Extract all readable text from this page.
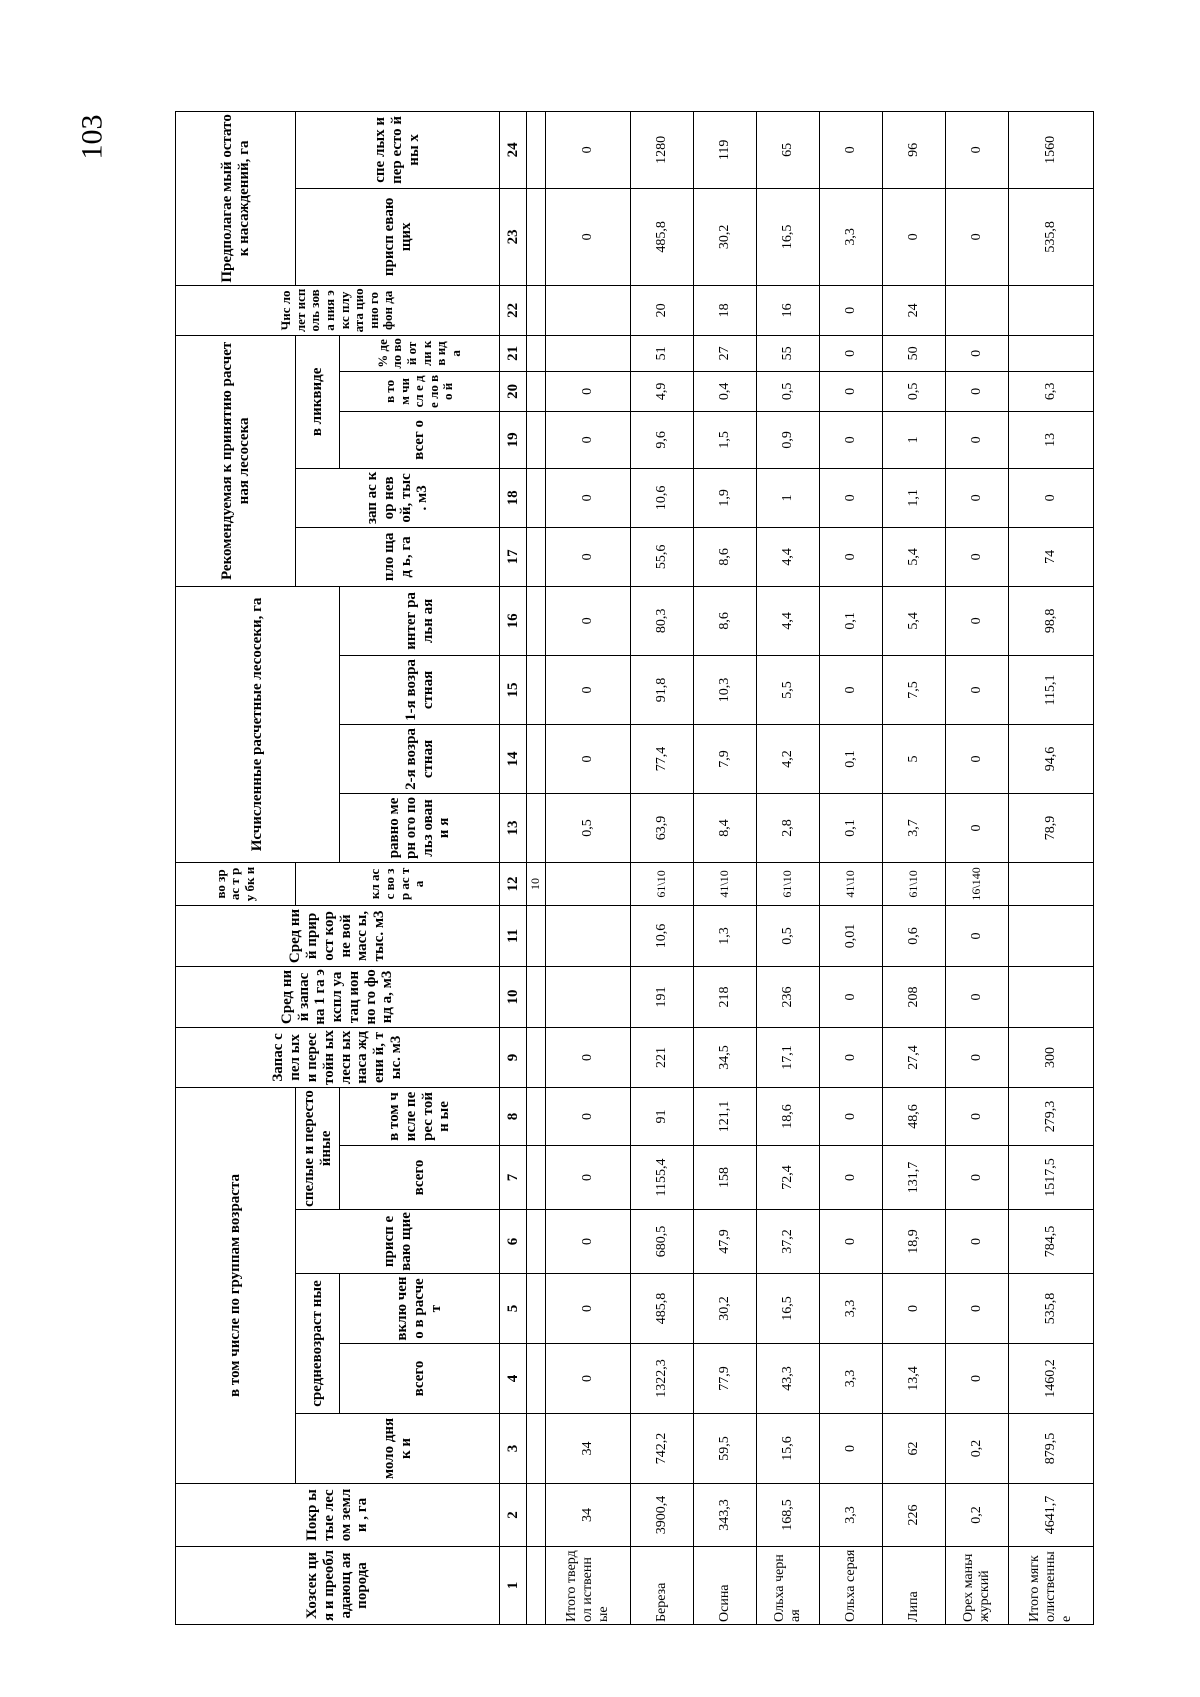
103
Хозсек ция и преобл адающ ая порода	Покр ытые лесом земли , га	в том числе по группам возраста						Запас спел ых и перес тойн ых лесн ых наса ждени й, тыс. м3	Сред ний запас на 1 га экспл уатац ионно го фонд а, м3	Сред ний прир ост корне вой масс ы, тыс. м3	во зр ас т ру бк и	Исчисленные расчетные лесосеки, га				Рекомендуемая к принятию расчетная лесосека					Чис ло лет исп оль зова ния экс плу ата цио нно го фон да	Предполагае мый остаток насаждений, га	
		моло дняк и	средневозраст ные		присп еваю щие	спелые и перестойные					кл ас с во зр ас та					пло щад ь, га	зап ас кор нев ой, тыс . м3	в ликвиде				присп еваю щих	спе лых и пер есто йны х
			всего	вклю чено в расче т		всего	в том числе перес тойн ые					равно мерн ого польз овани я	2-я возра стная	1-я возра стная	интег ральн ая			всег о	в то м чи сл е де ло во й	% де ло во й от ли кв ид а			
1	2	3	4	5	6	7	8	9	10	11	12	13	14	15	16	17	18	19	20	21	22	23	24
											10												
Итого твердол иственные	34	34	0	0	0	0	0	0				0,5	0	0	0	0	0	0	0			0	0
Береза	3900,4	742,2	1322,3	485,8	680,5	1155,4	91	221	191	10,6	61\10	63,9	77,4	91,8	80,3	55,6	10,6	9,6	4,9	51	20	485,8	1280
Осина	343,3	59,5	77,9	30,2	47,9	158	121,1	34,5	218	1,3	41\10	8,4	7,9	10,3	8,6	8,6	1,9	1,5	0,4	27	18	30,2	119
Ольха черная	168,5	15,6	43,3	16,5	37,2	72,4	18,6	17,1	236	0,5	61\10	2,8	4,2	5,5	4,4	4,4	1	0,9	0,5	55	16	16,5	65
Ольха серая	3,3	0	3,3	3,3	0	0	0	0	0	0,01	41\10	0,1	0,1	0	0,1	0	0	0	0	0	0	3,3	0
Липа	226	62	13,4	0	18,9	131,7	48,6	27,4	208	0,6	61\10	3,7	5	7,5	5,4	5,4	1,1	1	0,5	50	24	0	96
Орех маньчжурский	0,2	0,2	0	0	0	0	0	0	0	0	16\140	0	0	0	0	0	0	0	0	0		0	0
Итого мягколиственные	4641,7	879,5	1460,2	535,8	784,5	1517,5	279,3	300				78,9	94,6	115,1	98,8	74	0	13	6,3			535,8	1560
